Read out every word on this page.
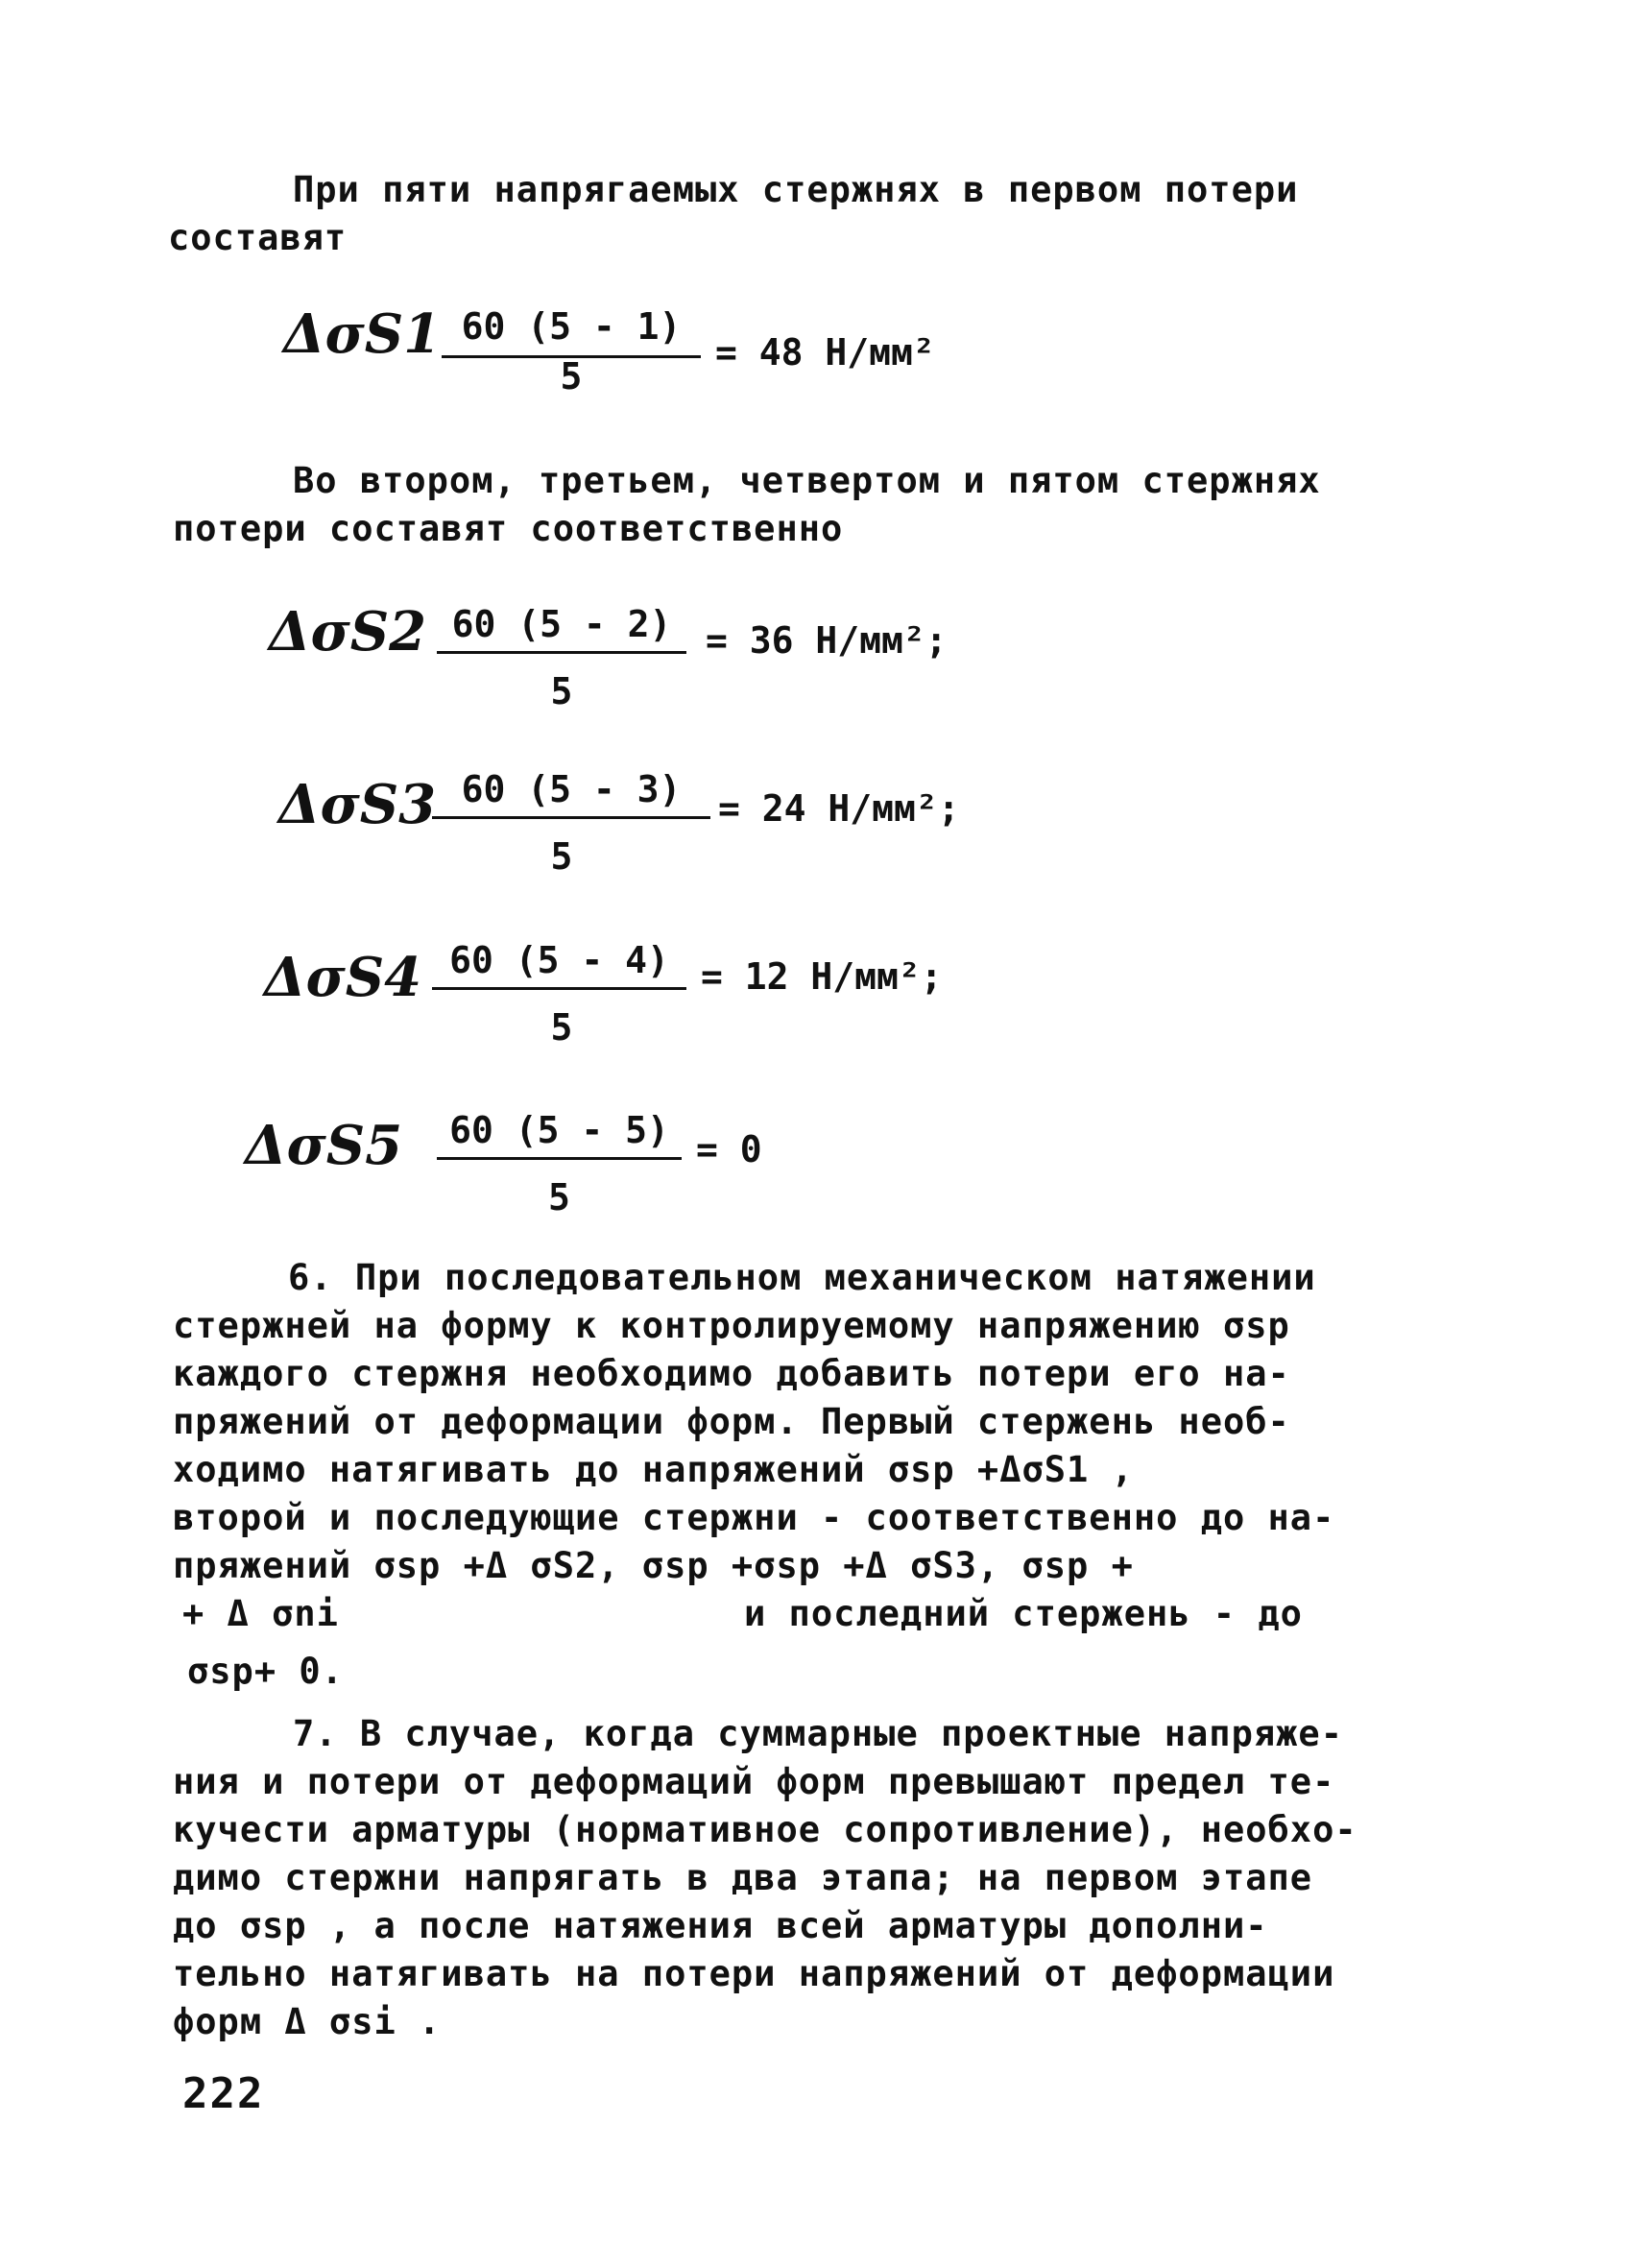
При пяти напрягаемых стержнях в первом потери
составят
ΔσS1 60 (5 - 1)
5
= 48 Н/мм²
Во втором, третьем, четвертом и пятом стержнях
потери составят соответственно
ΔσS2 60 (5 - 2)
5
= 36 Н/мм²;
ΔσS3 60 (5 - 3)
5
= 24 Н/мм²;
ΔσS4 60 (5 - 4)
5
= 12 Н/мм²;
ΔσS5	60 (5 - 5)
5
= 0
6. При последовательном механическом натяжении
стержней на форму к контролируемому напряжению σsp
каждого стержня необходимо добавить потери его на-
пряжений от деформации форм. Первый стержень необ-
ходимо натягивать до напряжений σsp +ΔσS1 ,
второй и последующие стержни - соответственно до на-
пряжений σsp +Δ σS2, σsp +σsp +Δ σS3, σsp +
+ Δ σni	и последний стержень - до
σsp+ 0.
7. В случае, когда суммарные проектные напряже-
ния и потери от деформаций форм превышают предел те-
кучести арматуры (нормативное сопротивление), необхо-
димо стержни напрягать в два этапа; на первом этапе
до σsp , а после натяжения всей арматуры дополни-
тельно натягивать на потери напряжений от деформации
форм Δ σsi .
222
